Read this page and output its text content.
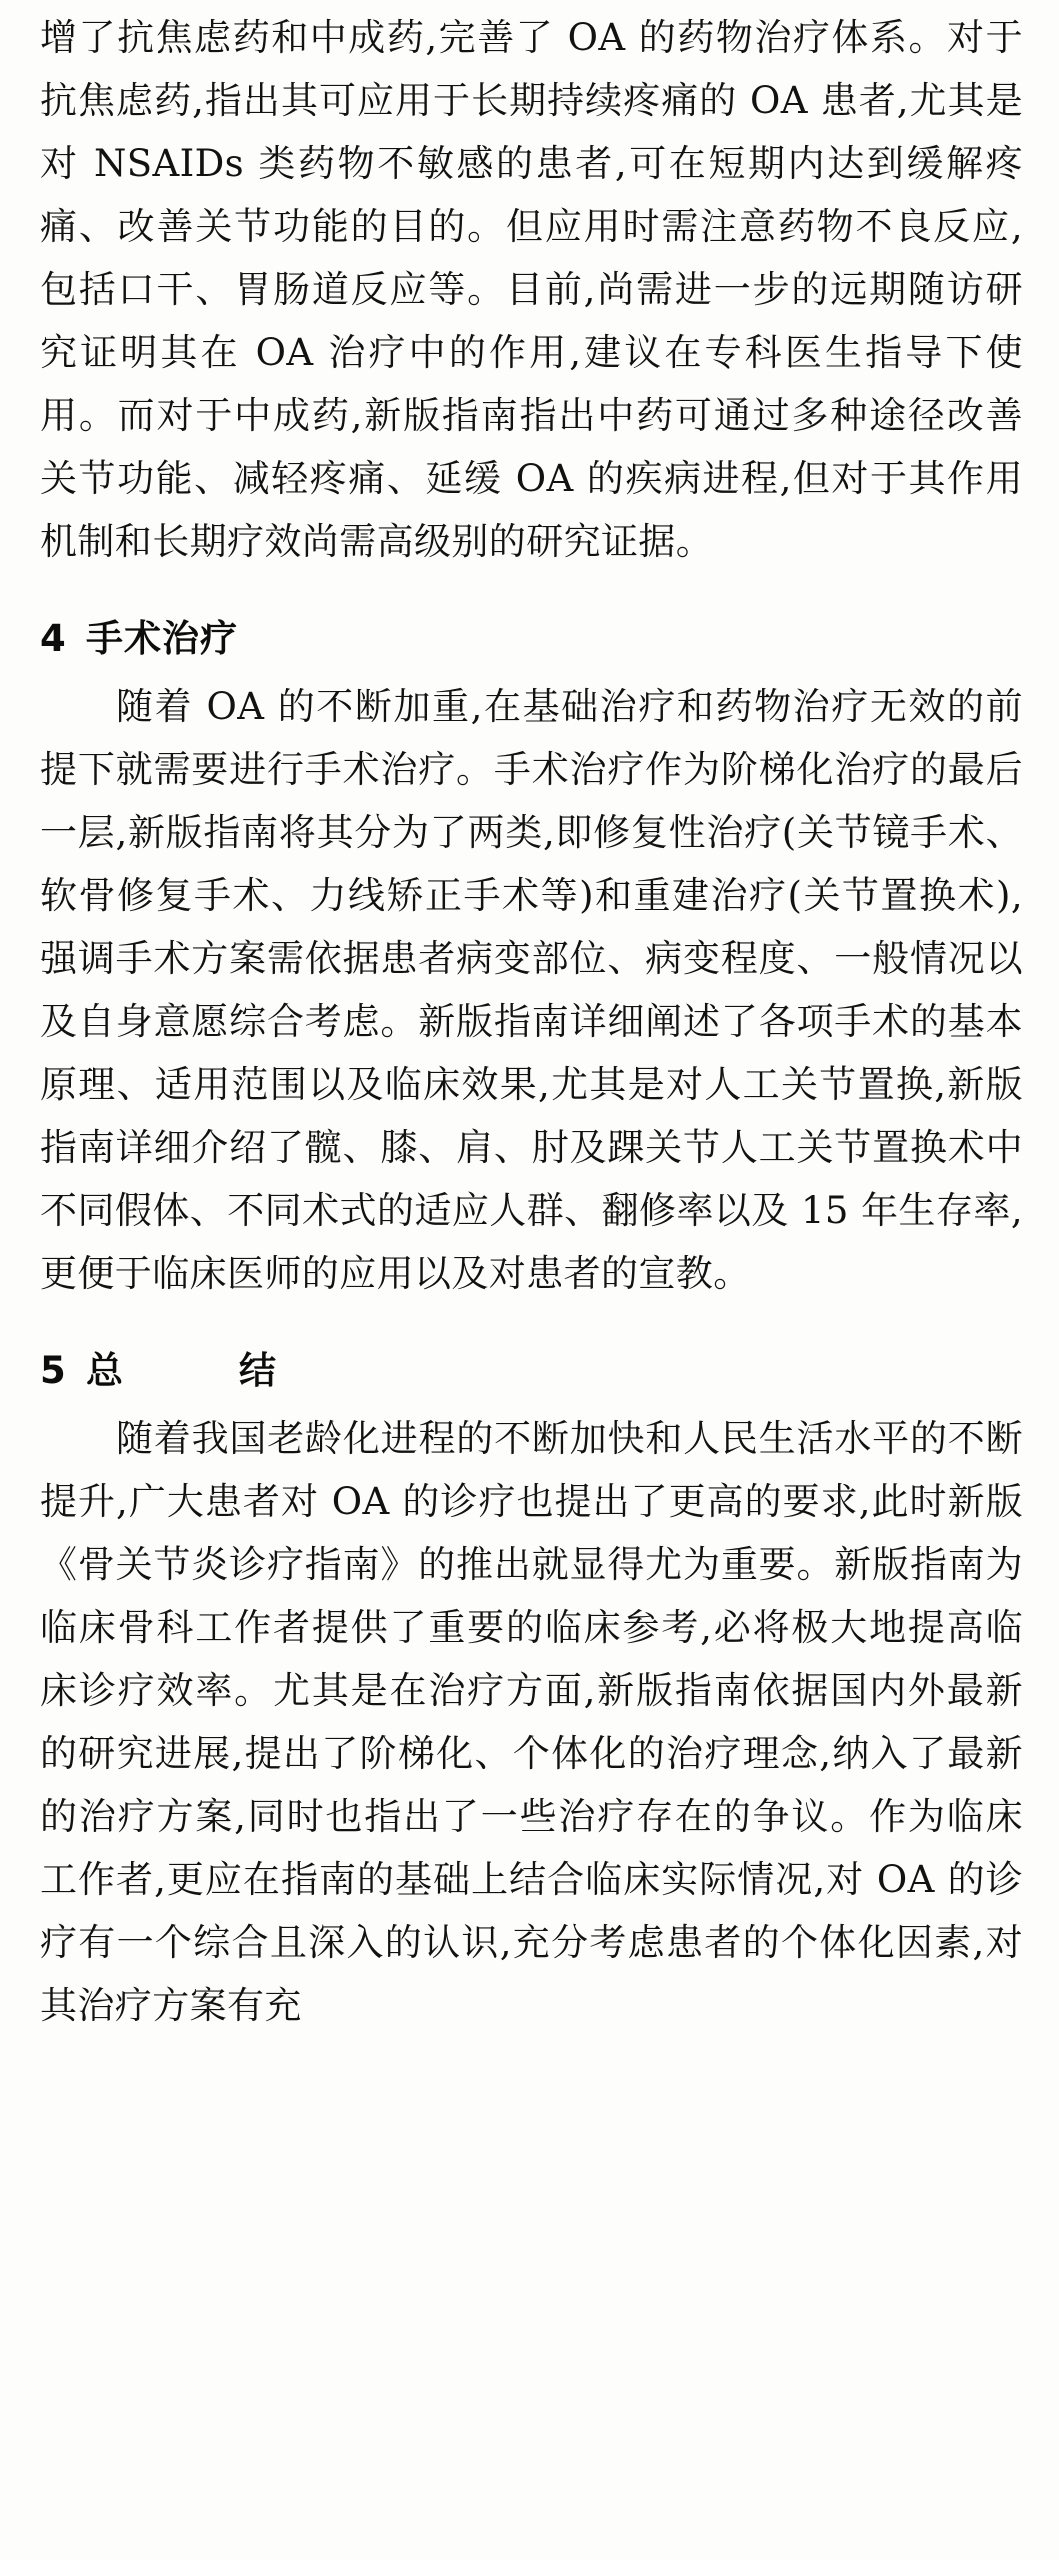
增了抗焦虑药和中成药,完善了 OA 的药物治疗体系。对于抗焦虑药,指出其可应用于长期持续疼痛的 OA 患者,尤其是对 NSAIDs 类药物不敏感的患者,可在短期内达到缓解疼痛、改善关节功能的目的。但应用时需注意药物不良反应,包括口干、胃肠道反应等。目前,尚需进一步的远期随访研究证明其在 OA 治疗中的作用,建议在专科医生指导下使用。而对于中成药,新版指南指出中药可通过多种途径改善关节功能、减轻疼痛、延缓 OA 的疾病进程,但对于其作用机制和长期疗效尚需高级别的研究证据。

4 手术治疗

随着 OA 的不断加重,在基础治疗和药物治疗无效的前提下就需要进行手术治疗。手术治疗作为阶梯化治疗的最后一层,新版指南将其分为了两类,即修复性治疗(关节镜手术、软骨修复手术、力线矫正手术等)和重建治疗(关节置换术),强调手术方案需依据患者病变部位、病变程度、一般情况以及自身意愿综合考虑。新版指南详细阐述了各项手术的基本原理、适用范围以及临床效果,尤其是对人工关节置换,新版指南详细介绍了髋、膝、肩、肘及踝关节人工关节置换术中不同假体、不同术式的适应人群、翻修率以及 15 年生存率,更便于临床医师的应用以及对患者的宣教。

5 总　　结

随着我国老龄化进程的不断加快和人民生活水平的不断提升,广大患者对 OA 的诊疗也提出了更高的要求,此时新版《骨关节炎诊疗指南》的推出就显得尤为重要。新版指南为临床骨科工作者提供了重要的临床参考,必将极大地提高临床诊疗效率。尤其是在治疗方面,新版指南依据国内外最新的研究进展,提出了阶梯化、个体化的治疗理念,纳入了最新的治疗方案,同时也指出了一些治疗存在的争议。作为临床工作者,更应在指南的基础上结合临床实际情况,对 OA 的诊疗有一个综合且深入的认识,充分考虑患者的个体化因素,对其治疗方案有充
